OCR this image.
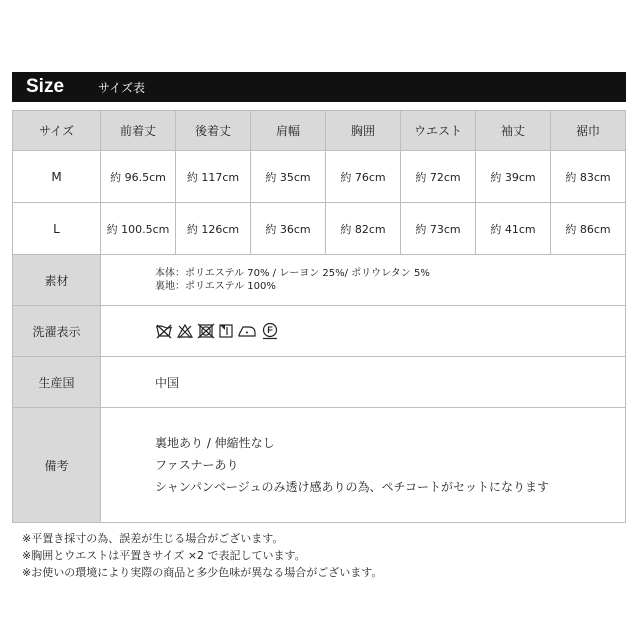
Size	サイズ表
サイズ	前着丈	後着丈	肩幅	胸囲	ウエスト	袖丈	裾巾
M	約 96.5cm	約 117cm	約 35cm	約 76cm	約 72cm	約 39cm	約 83cm
L	約 100.5cm	約 126cm	約 36cm	約 82cm	約 73cm	約 41cm	約 86cm
素材	本体：ポリエステル 70% / レーヨン 25%/ ポリウレタン 5%
裏地：ポリエステル 100%						

洗濯表示	F						

生産国	中国						
備考	裏地あり / 伸縮性なし
ファスナーあり
シャンパンベージュのみ透け感ありの為、ペチコートがセットになります						
※平置き採寸の為、誤差が生じる場合がございます。
※胸囲とウエストは平置きサイズ ×2 で表記しています。
※お使いの環境により実際の商品と多少色味が異なる場合がございます。
